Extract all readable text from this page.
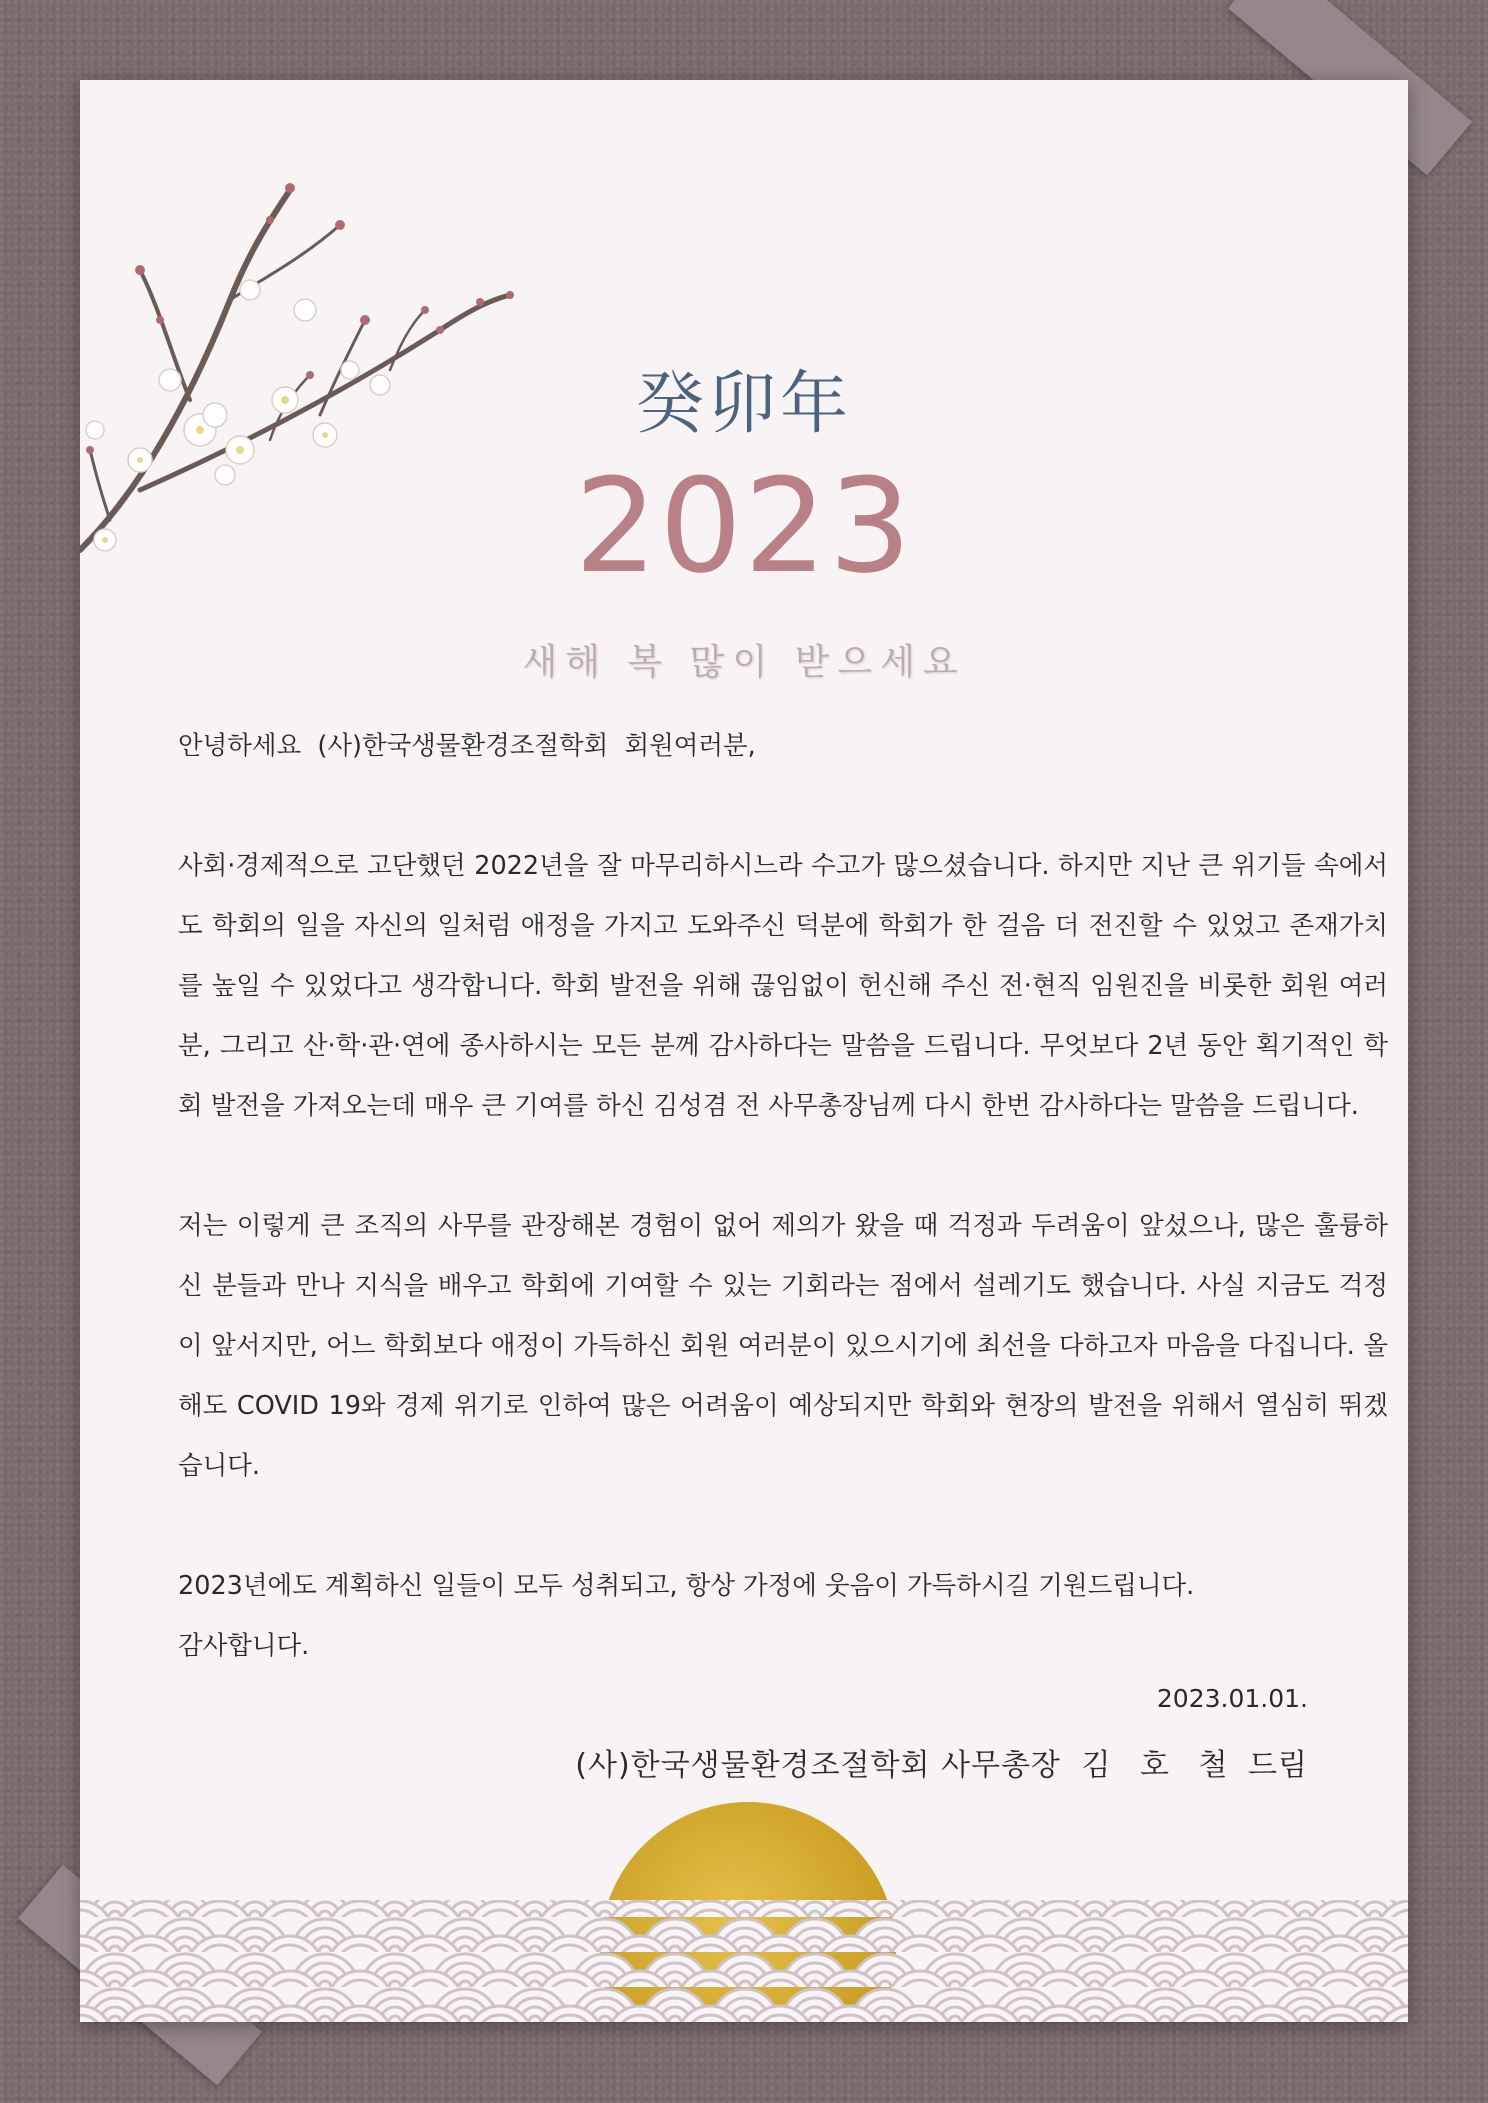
癸卯年
2023
새해 복 많이 받으세요

안녕하세요  (사)한국생물환경조절학회  회원여러분,

사회·경제적으로 고단했던 2022년을 잘 마무리하시느라 수고가 많으셨습니다. 하지만 지난 큰 위기들 속에서도 학회의 일을 자신의 일처럼 애정을 가지고 도와주신 덕분에 학회가 한 걸음 더 전진할 수 있었고 존재가치를 높일 수 있었다고 생각합니다. 학회 발전을 위해 끊임없이 헌신해 주신 전·현직 임원진을 비롯한 회원 여러분, 그리고 산·학·관·연에 종사하시는 모든 분께 감사하다는 말씀을 드립니다. 무엇보다 2년 동안 획기적인 학회 발전을 가져오는데 매우 큰 기여를 하신 김성겸 전 사무총장님께 다시 한번 감사하다는 말씀을 드립니다.

저는 이렇게 큰 조직의 사무를 관장해본 경험이 없어 제의가 왔을 때 걱정과 두려움이 앞섰으나, 많은 훌륭하신 분들과 만나 지식을 배우고 학회에 기여할 수 있는 기회라는 점에서 설레기도 했습니다. 사실 지금도 걱정이 앞서지만, 어느 학회보다 애정이 가득하신 회원 여러분이 있으시기에 최선을 다하고자 마음을 다집니다. 올해도 COVID 19와 경제 위기로 인하여 많은 어려움이 예상되지만 학회와 현장의 발전을 위해서 열심히 뛰겠습니다.

2023년에도 계획하신 일들이 모두 성취되고, 항상 가정에 웃음이 가득하시길 기원드립니다.

감사합니다.

2023.01.01.
(사)한국생물환경조절학회 사무총장 김 호 철 드림
